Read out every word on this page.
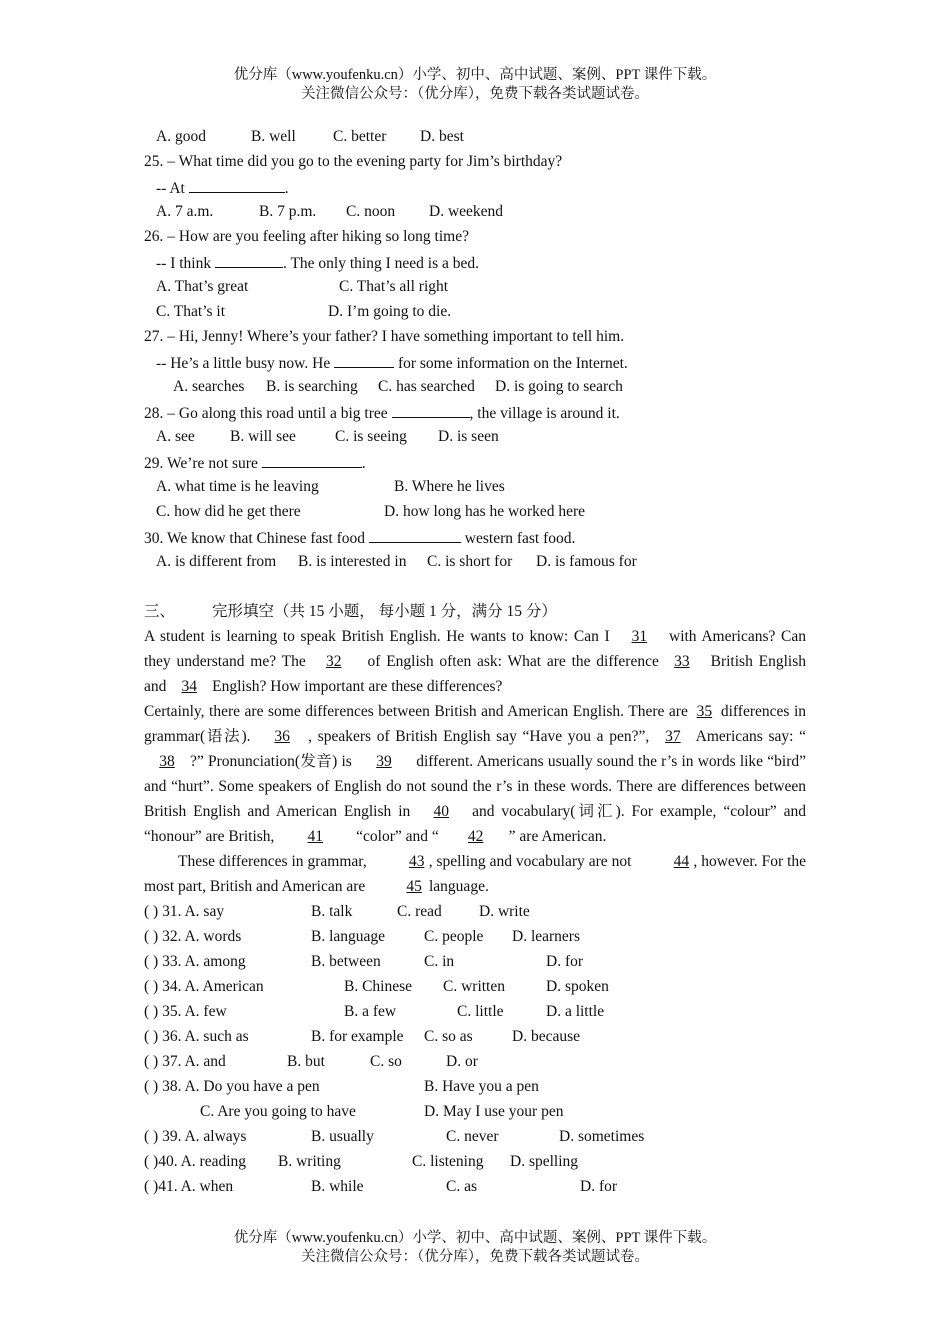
优分库（www.youfenku.cn）小学、初中、高中试题、案例、PPT 课件下载。
关注微信公众号：（优分库），免费下载各类试题试卷。
A. good	B. well C. better D. best
25. – What time did you go to the evening party for Jim’s birthday?
-- At	.
A. 7 a.m.	B. 7 p.m. C. noon D. weekend
26. – How are you feeling after hiking so long time?
-- I think	. The only thing I need is a bed.
A. That’s great	C. That’s all right
C. That’s it	D. I’m going to die.
27. – Hi, Jenny! Where’s your father? I have something important to tell him.
-- He’s a little busy now. He	for some information on the Internet.
A. searches B. is searching C. has searched D. is going to search
28. – Go along this road until a big tree	, the village is around it.
A. see B. will see	C. is seeing D. is seen
29. We’re not sure	.
A. what time is he leaving	B. Where he lives
C. how did he get there	D. how long has he worked here
30. We know that Chinese fast food	western fast food.
A. is different from B. is interested in C. is short for D. is famous for
三、 完形填空（共 15 小题， 每小题 1 分，满分 15 分）
A student is learning to speak British English. He wants to know: Can I 31 with Americans? Can they understand me? The 32 of English often ask: What are the difference 33 British English and 34 English? How important are these differences?
Certainly, there are some differences between British and American English. There are 35 differences in grammar(语法). 36 , speakers of British English say “Have you a pen?”, 37 Americans say: “38 ?” Pronunciation(发音) is 39 different. Americans usually sound the r’s in words like “bird” and “hurt”. Some speakers of English do not sound the r’s in these words. There are differences between British English and American English in 40 and vocabulary(词汇). For example, “colour” and “honour” are British, 41 “color” and “ 42 ” are American.
These differences in grammar, 43 , spelling and vocabulary are not 44 , however. For the most part, British and American are 45 language.
( ) 31. A. say	B. talk	C. read D. write
( ) 32. A. words	B. language	C. people D. learners
( ) 33. A. among	B. between	C. in	D. for
( ) 34. A. American	B. Chinese C. written	D. spoken
( ) 35. A. few	B. a few	C. little	D. a little
( ) 36. A. such as	B. for example C. so as	D. because
( ) 37. A. and	B. but	C. so	D. or
( ) 38. A. Do you have a pen	B. Have you a pen
C. Are you going to have	D. May I use your pen
( ) 39. A. always	B. usually	C. never	D. sometimes
( )40. A. reading B. writing	C. listening D. spelling
( )41. A. when	B. while	C. as	D. for
优分库（www.youfenku.cn）小学、初中、高中试题、案例、PPT 课件下载。
关注微信公众号：（优分库），免费下载各类试题试卷。
